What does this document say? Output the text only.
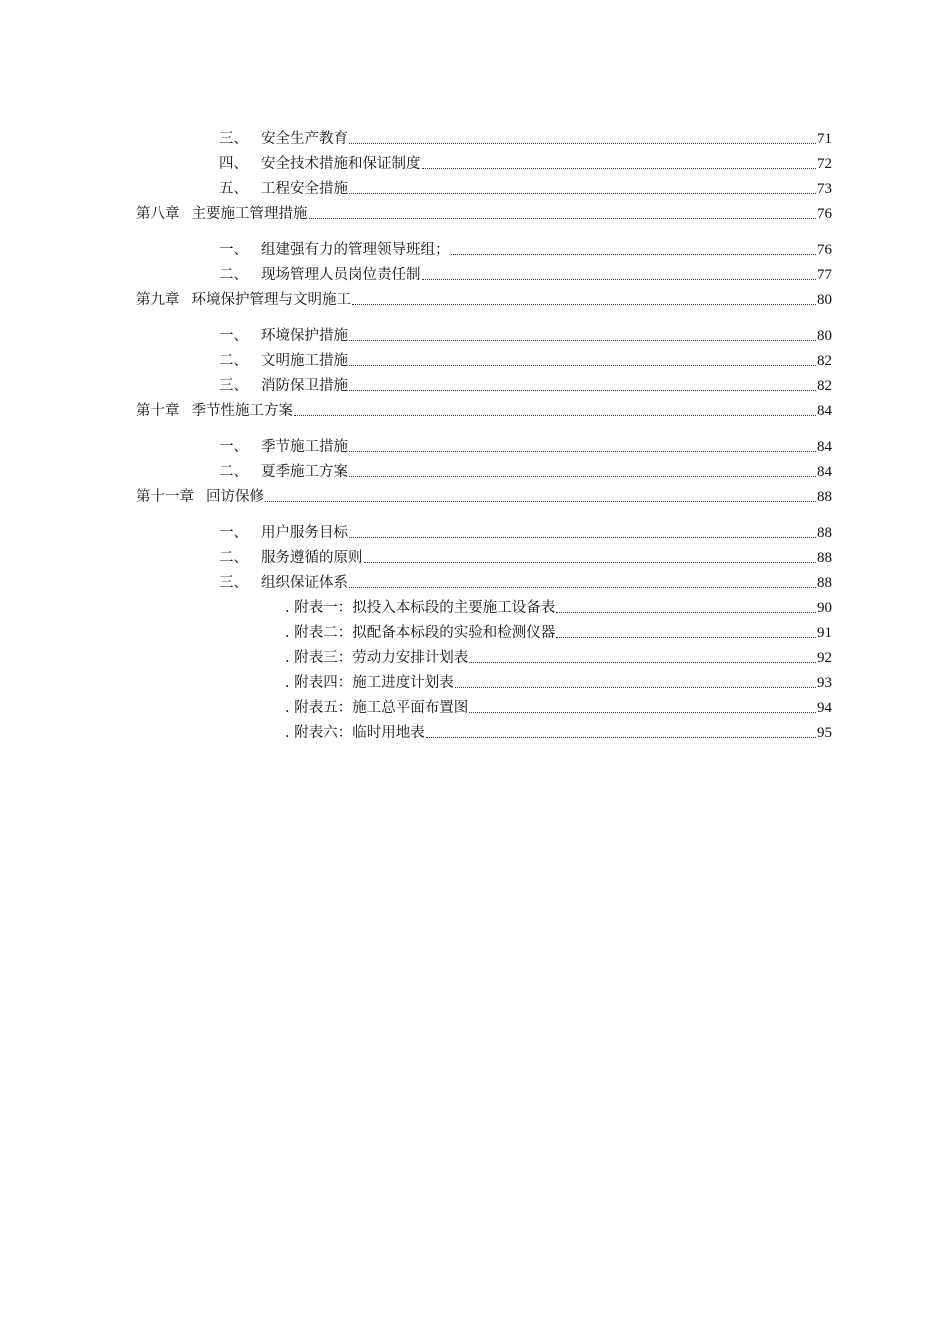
三、 安全生产教育	71
四、 安全技术措施和保证制度	72
五、 工程安全措施	73
第八章 主要施工管理措施	76
一、 组建强有力的管理领导班组；	76
二、 现场管理人员岗位责任制	77
第九章 环境保护管理与文明施工	80
一、 环境保护措施	80
二、 文明施工措施	82
三、 消防保卫措施	82
第十章 季节性施工方案	84
一、 季节施工措施	84
二、 夏季施工方案	84
第十一章 回访保修	88
一、 用户服务目标	88
二、 服务遵循的原则	88
三、 组织保证体系	88
. 附表一： 拟投入本标段的主要施工设备表	90
. 附表二： 拟配备本标段的实验和检测仪器	91
. 附表三： 劳动力安排计划表	92
. 附表四： 施工进度计划表	93
. 附表五： 施工总平面布置图	94
. 附表六： 临时用地表	95
